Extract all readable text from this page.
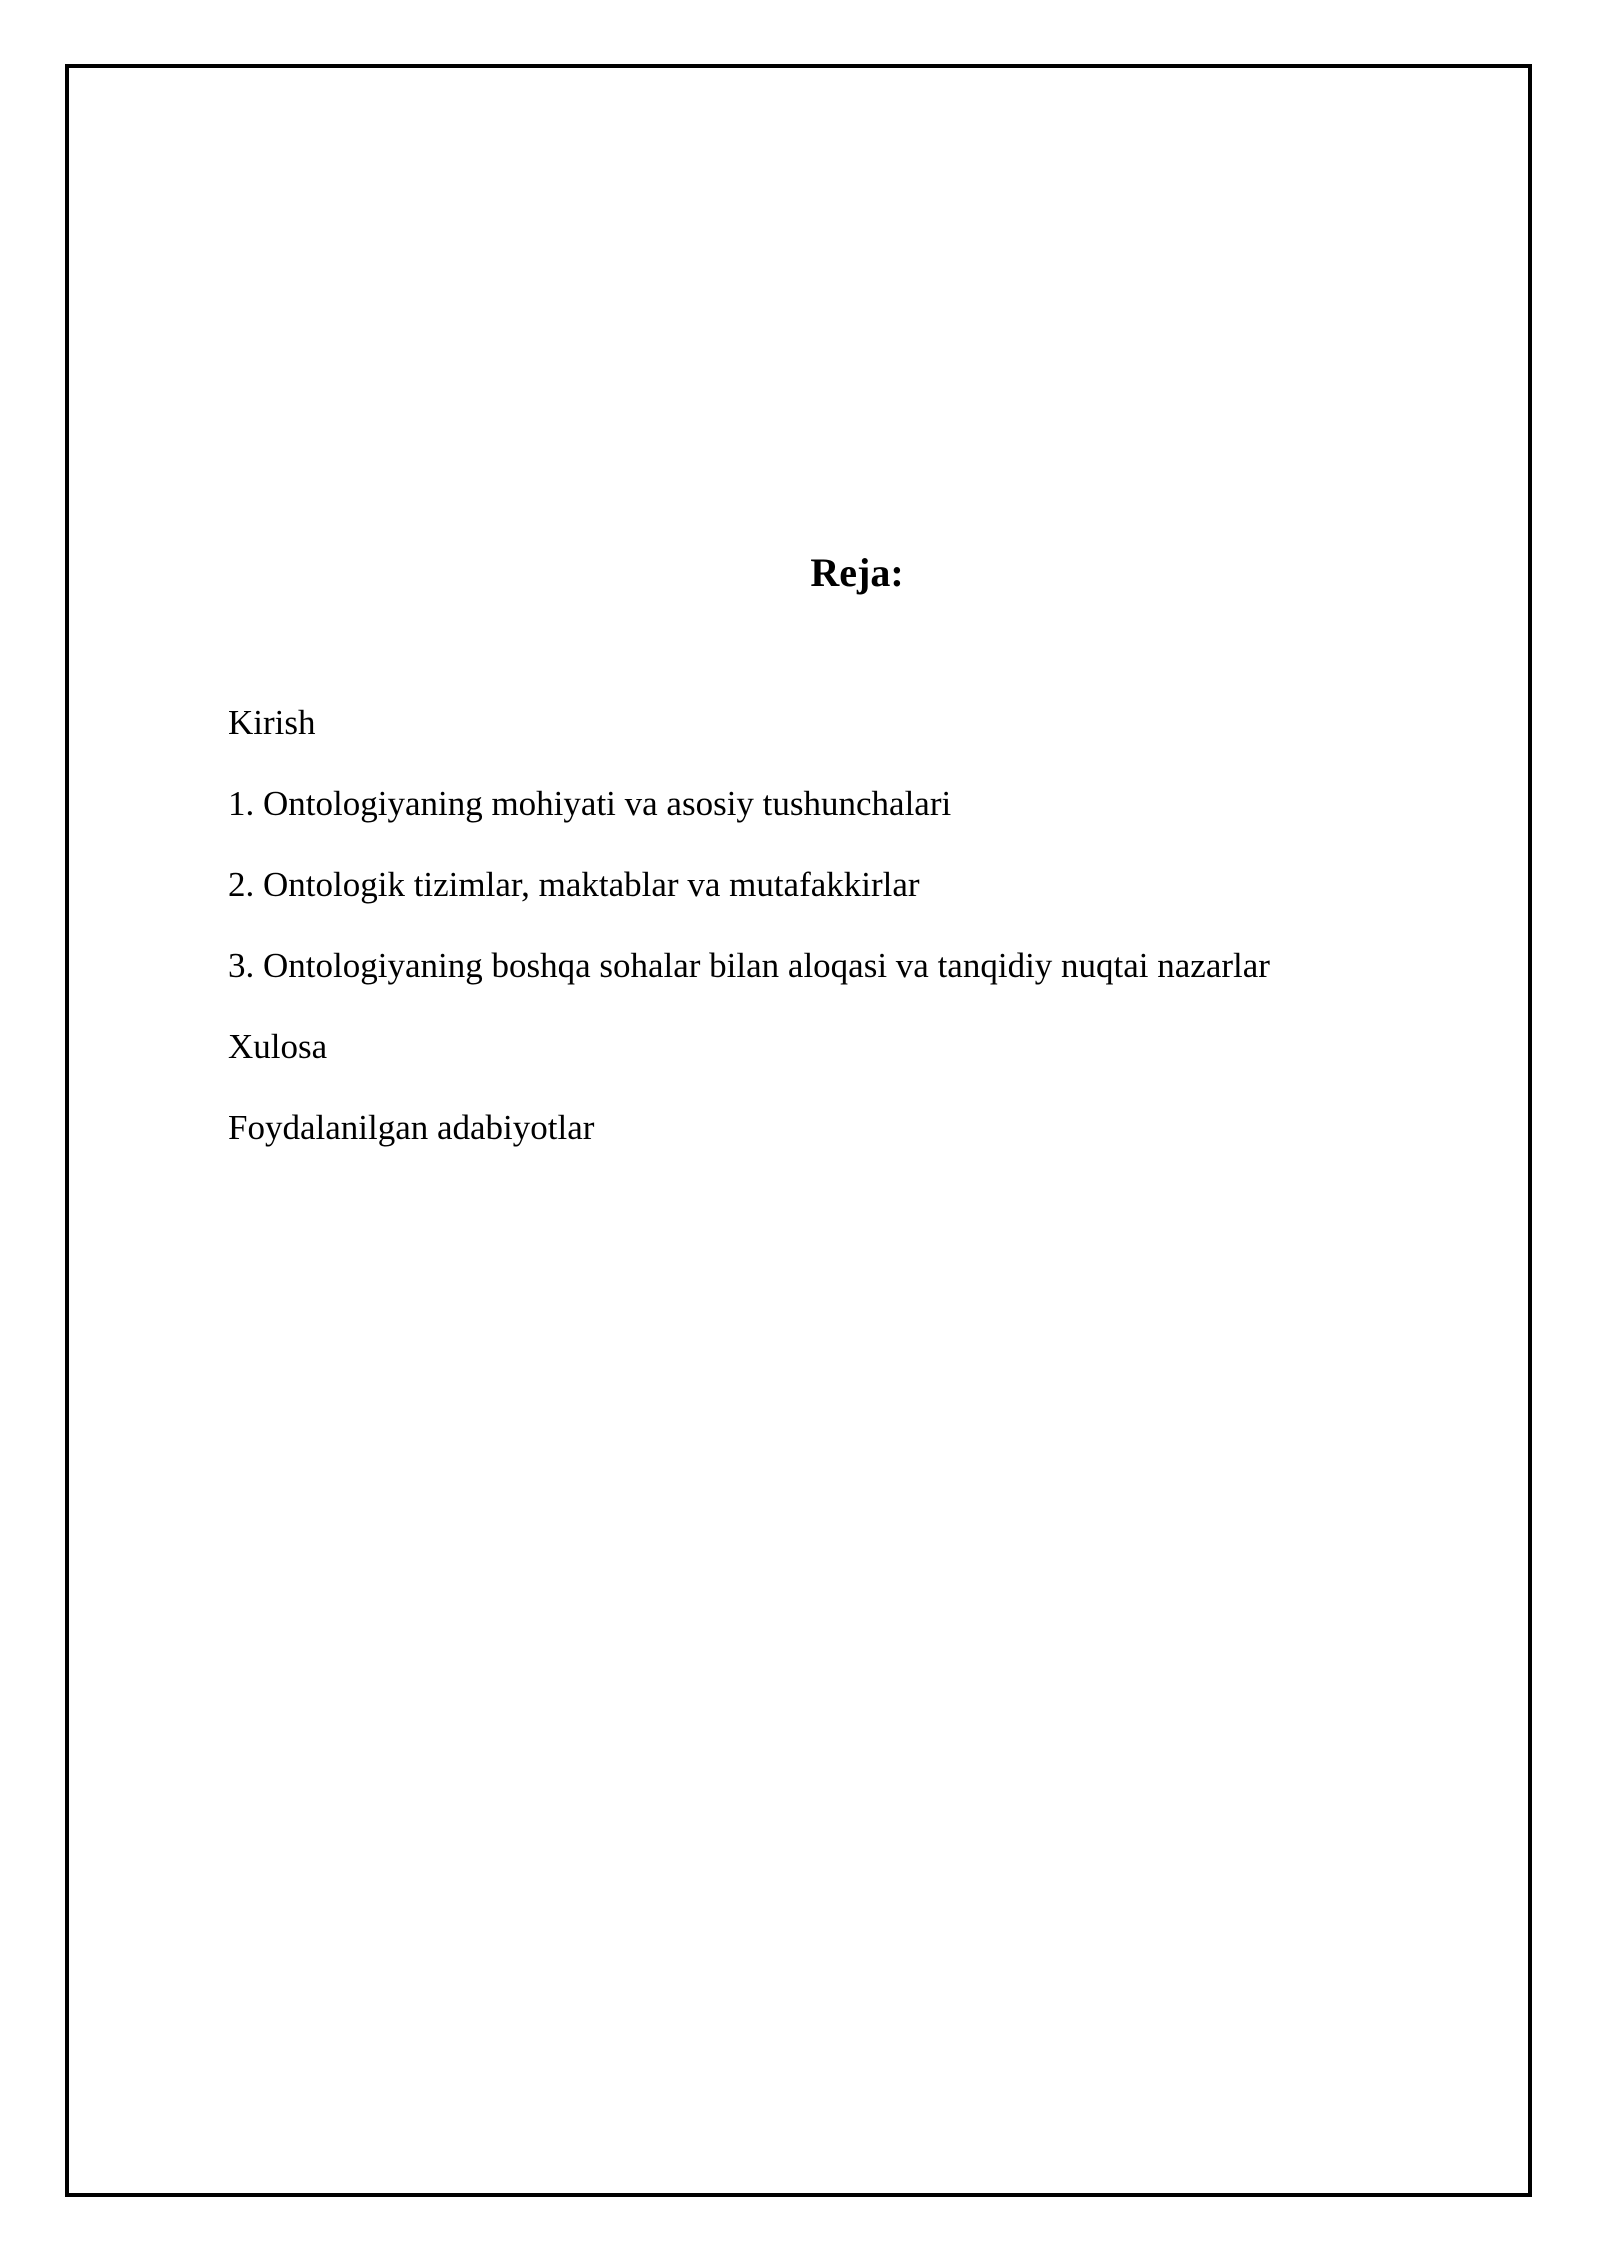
Reja:
Kirish
1. Ontologiyaning mohiyati va asosiy tushunchalari
2. Ontologik tizimlar, maktablar va mutafakkirlar
3. Ontologiyaning boshqa sohalar bilan aloqasi va tanqidiy nuqtai nazarlar
Xulosa
Foydalanilgan adabiyotlar
